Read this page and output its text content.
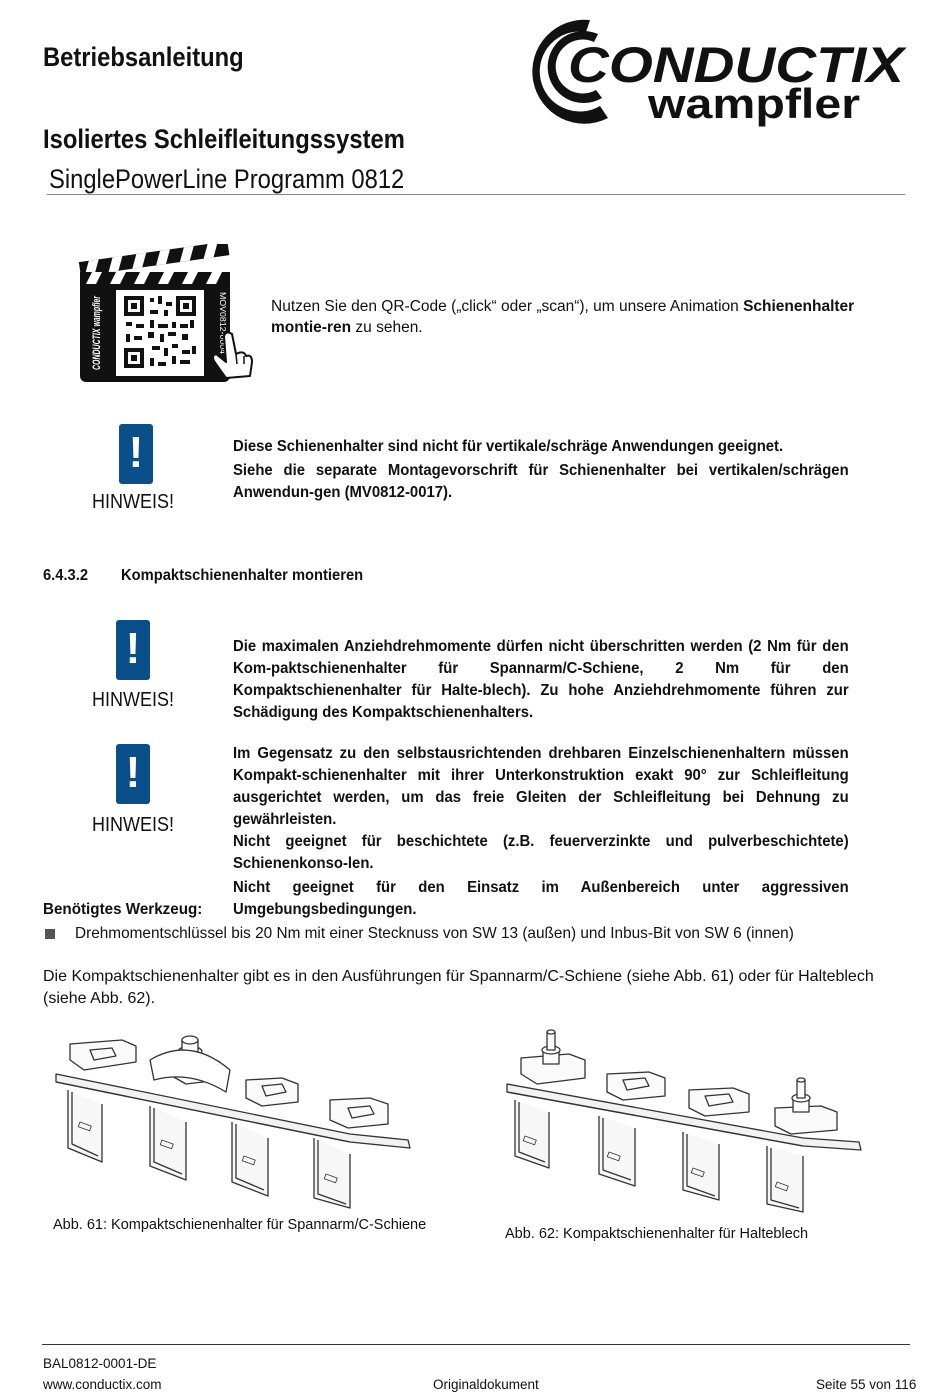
Betriebsanleitung
Isoliertes Schleifleitungssystem
SinglePowerLine Programm 0812
CONDUCTIX
wampfler
CONDUCTIX wampfler	MOV0812-0004	Nutzen Sie den QR-Code („click“ oder „scan“), um unsere Animation Schienenhalter montie-ren zu sehen.
!
HINWEIS!

Diese Schienenhalter sind nicht für vertikale/schräge Anwendungen geeignet.

Siehe die separate Montagevorschrift für Schienenhalter bei vertikalen/schrägen Anwendun-gen (MV0812-0017).

6.4.3.2 Kompaktschienenhalter montieren
!
HINWEIS!

Die maximalen Anziehdrehmomente dürfen nicht überschritten werden (2 Nm für den Kom-paktschienenhalter für Spannarm/C-Schiene, 2 Nm für den Kompaktschienenhalter für Halte-blech). Zu hohe Anziehdrehmomente führen zur Schädigung des Kompaktschienenhalters.

!
HINWEIS!

Im Gegensatz zu den selbstausrichtenden drehbaren Einzelschienenhaltern müssen Kompakt-schienenhalter mit ihrer Unterkonstruktion exakt 90° zur Schleifleitung ausgerichtet werden, um das freie Gleiten der Schleifleitung bei Dehnung zu gewährleisten.

Nicht geeignet für beschichtete (z.B. feuerverzinkte und pulverbeschichtete) Schienenkonso-len.

Nicht geeignet für den Einsatz im Außenbereich unter aggressiven Umgebungsbedingungen.

Benötigtes Werkzeug:
Drehmomentschlüssel bis 20 Nm mit einer Stecknuss von SW 13 (außen) und Inbus-Bit von SW 6 (innen)
Die Kompaktschienenhalter gibt es in den Ausführungen für Spannarm/C-Schiene (siehe Abb. 61) oder für Halteblech (siehe Abb. 62).
Abb. 61: Kompaktschienenhalter für Spannarm/C-Schiene
Abb. 62: Kompaktschienenhalter für Halteblech
BAL0812-0001-DE
www.conductix.com	Originaldokument	Seite 55 von 116
